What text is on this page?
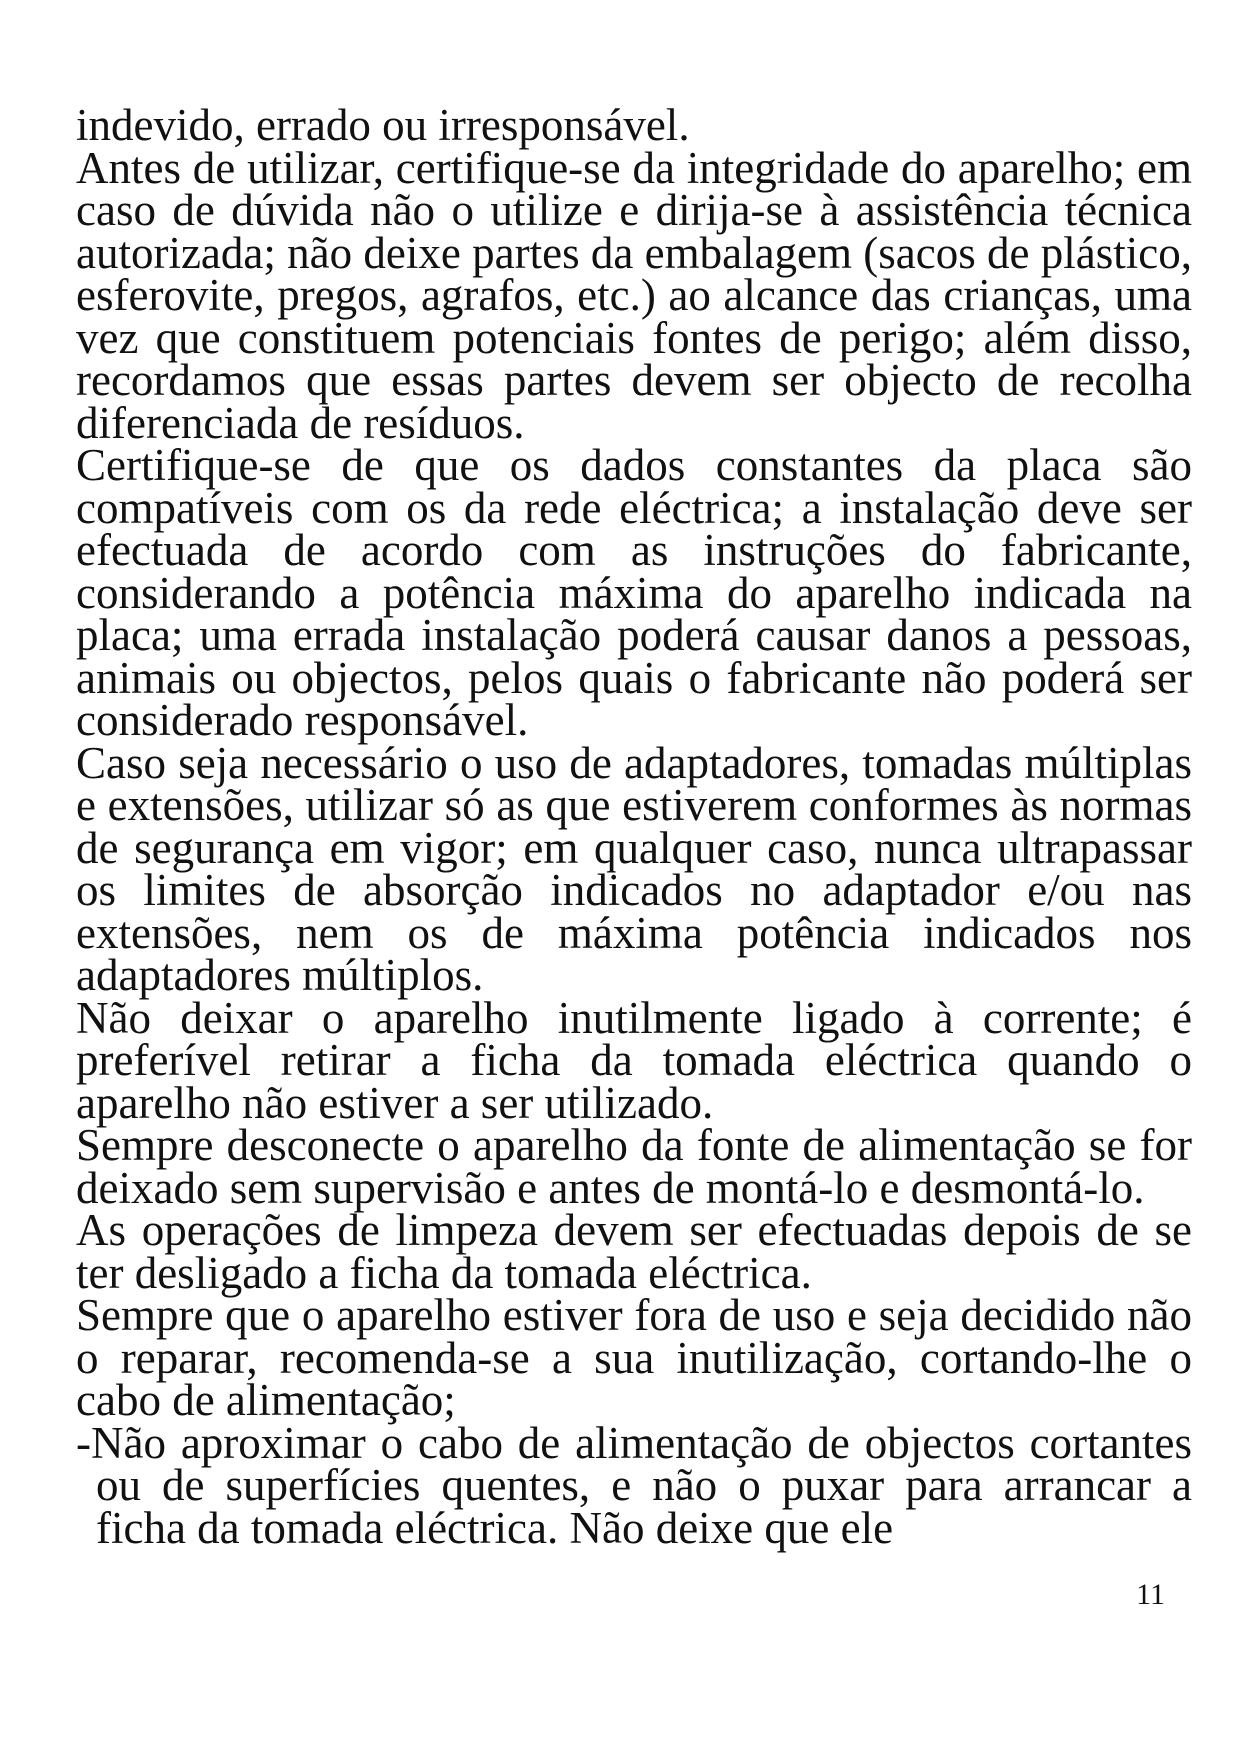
indevido, errado ou irresponsável.

Antes de utilizar, certifique-se da integridade do aparelho; em caso de dúvida não o utilize e dirija-se à assistência técnica autorizada; não deixe partes da embalagem (sacos de plástico, esferovite, pregos, agrafos, etc.) ao alcance das crianças, uma vez que constituem potenciais fontes de perigo; além disso, recordamos que essas partes devem ser objecto de recolha diferenciada de resíduos.

Certifique-se de que os dados constantes da placa são compatíveis com os da rede eléctrica; a instalação deve ser efectuada de acordo com as instruções do fabricante, considerando a potência máxima do aparelho indicada na placa; uma errada instalação poderá causar danos a pessoas, animais ou objectos, pelos quais o fabricante não poderá ser considerado responsável.

Caso seja necessário o uso de adaptadores, tomadas múltiplas e extensões, utilizar só as que estiverem conformes às normas de segurança em vigor; em qualquer caso, nunca ultrapassar os limites de absorção indicados no adaptador e/ou nas extensões, nem os de máxima potência indicados nos adaptadores múltiplos.

Não deixar o aparelho inutilmente ligado à corrente; é preferível retirar a ficha da tomada eléctrica quando o aparelho não estiver a ser utilizado.

Sempre desconecte o aparelho da fonte de alimentação se for deixado sem supervisão e antes de montá-lo e desmontá-lo.

As operações de limpeza devem ser efectuadas depois de se ter desligado a ficha da tomada eléctrica.

Sempre que o aparelho estiver fora de uso e seja decidido não o reparar, recomenda-se a sua inutilização, cortando-lhe o cabo de alimentação;

-Não aproximar o cabo de alimentação de objectos cortantes ou de superfícies quentes, e não o puxar para arrancar a ficha da tomada eléctrica. Não deixe que ele

11
